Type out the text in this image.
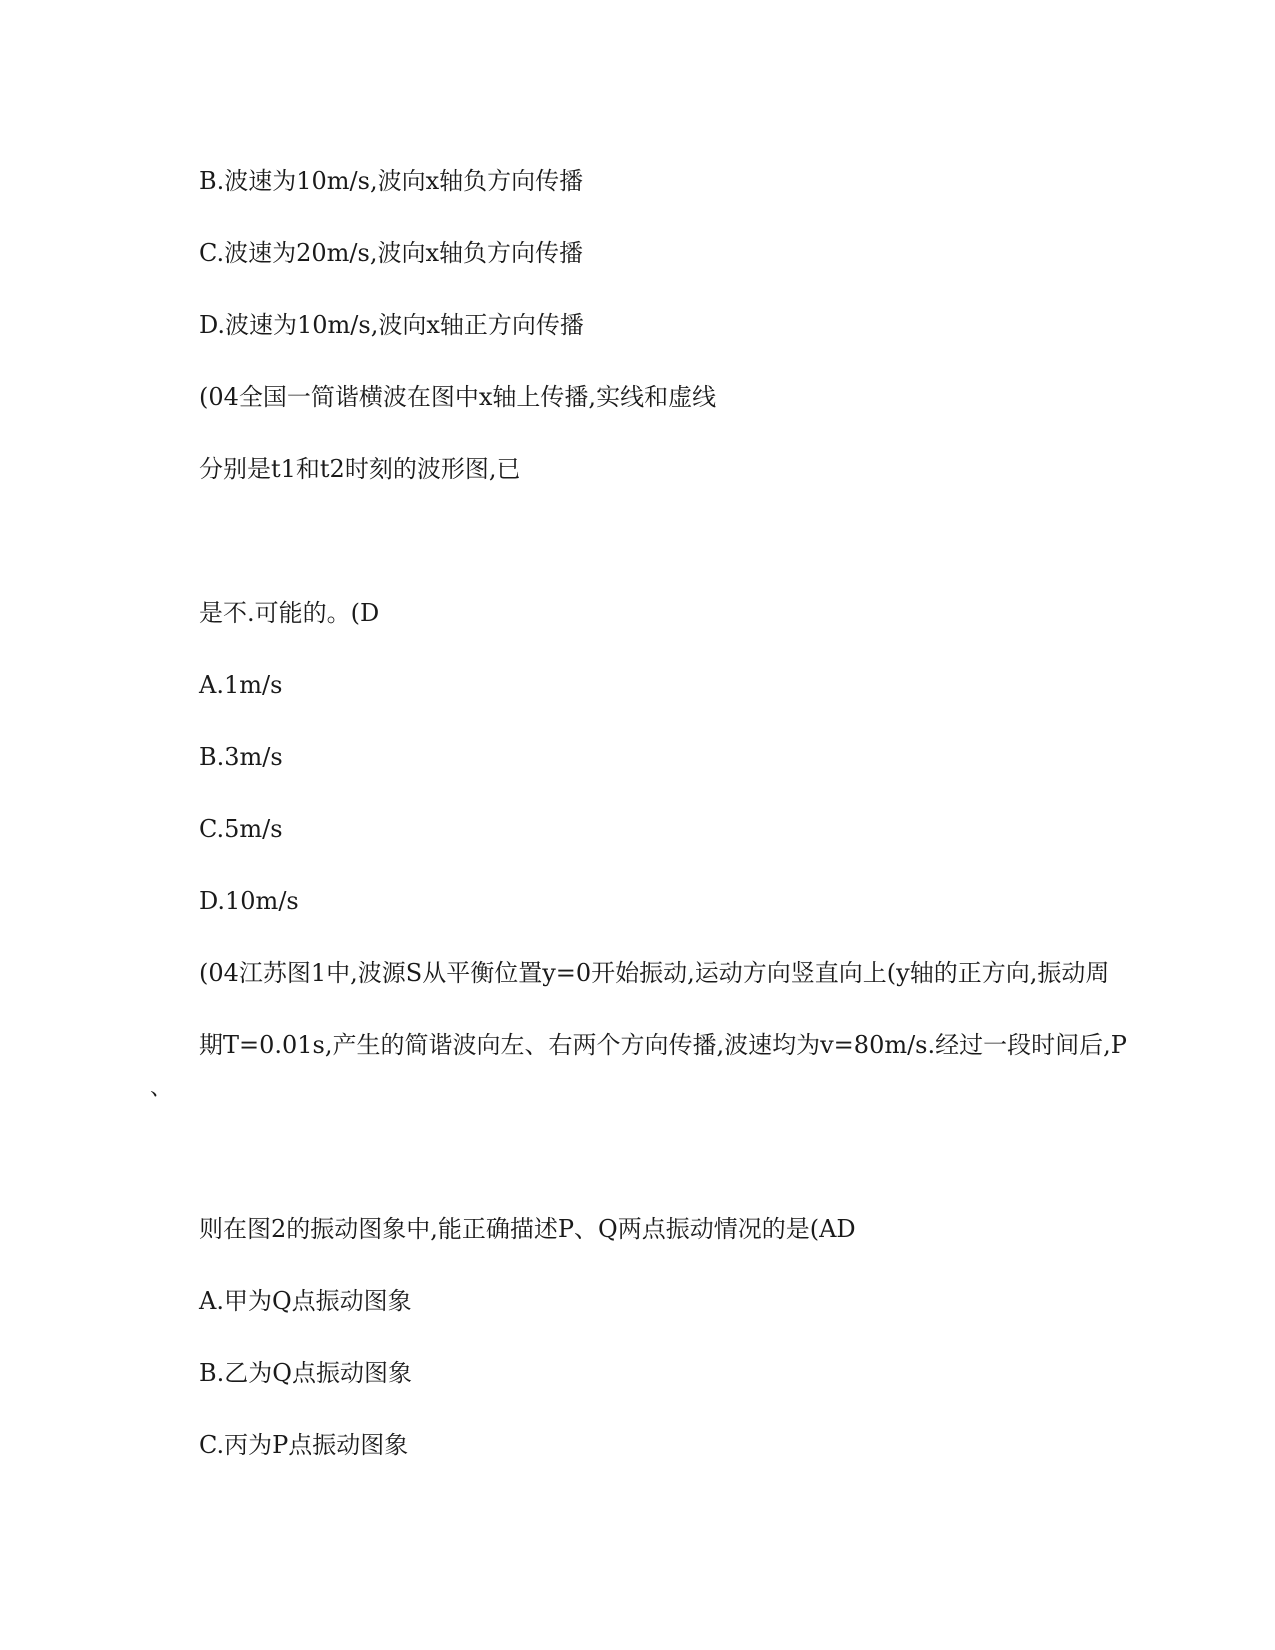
B.波速为10m/s,波向x轴负方向传播
C.波速为20m/s,波向x轴负方向传播
D.波速为10m/s,波向x轴正方向传播
(04全国一简谐横波在图中x轴上传播,实线和虚线
分别是t1和t2时刻的波形图,已
是不.可能的。(D
A.1m/s
B.3m/s
C.5m/s
D.10m/s
(04江苏图1中,波源S从平衡位置y=0开始振动,运动方向竖直向上(y轴的正方向,振动周
期T=0.01s,产生的简谐波向左、右两个方向传播,波速均为v=80m/s.经过一段时间后,P
、
则在图2的振动图象中,能正确描述P、Q两点振动情况的是(AD
A.甲为Q点振动图象
B.乙为Q点振动图象
C.丙为P点振动图象
